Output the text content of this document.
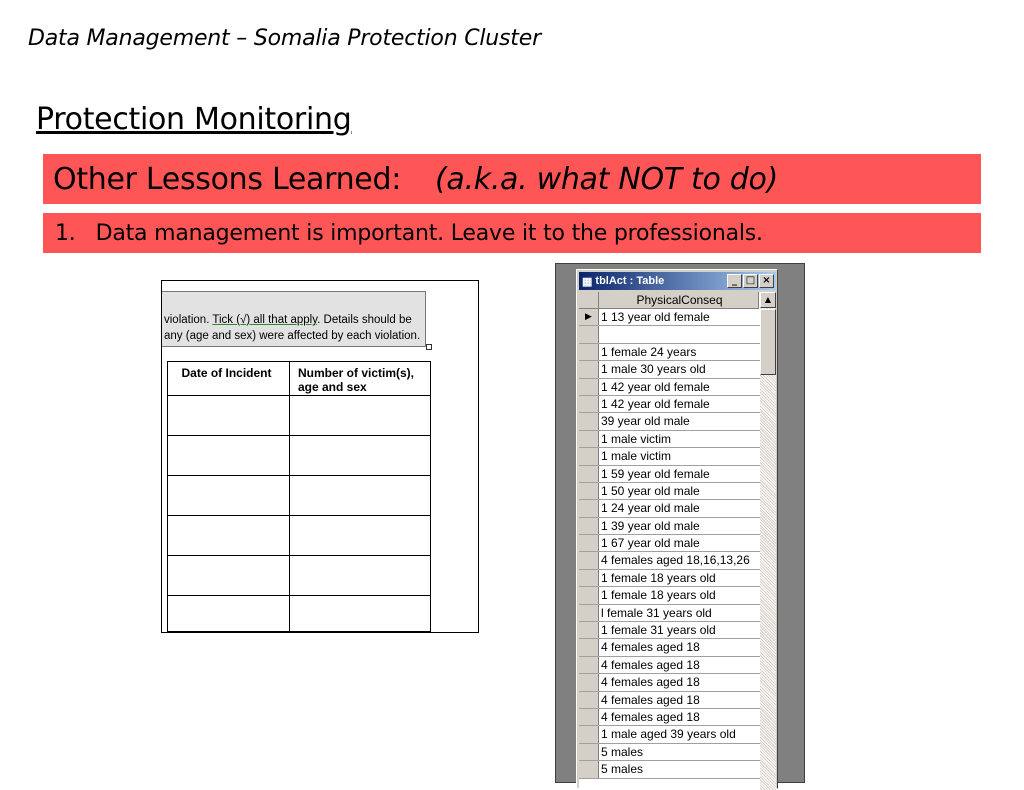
Data Management – Somalia Protection Cluster
Protection Monitoring
Other Lessons Learned: (a.k.a. what NOT to do)
1. Data management is important. Leave it to the professionals.
violation. Tick (√) all that apply. Details should be
any (age and sex) were affected by each violation.
Date of Incident	Number of victim(s), age and sex

▦ tblAct : Table	_ □ ×
PhysicalConseq
▶ 1 13 year old female
1 female 24 years
1 male 30 years old
1 42 year old female
1 42 year old female
39 year old male
1 male victim
1 male victim
1 59 year old female
1 50 year old male
1 24 year old male
1 39 year old male
1 67 year old male
4 females aged 18,16,13,26
1 female 18 years old
1 female 18 years old
l female 31 years old
1 female 31 years old
4 females aged 18
4 females aged 18
4 females aged 18
4 females aged 18
4 females aged 18
1 male aged 39 years old
5 males
5 males
▲
